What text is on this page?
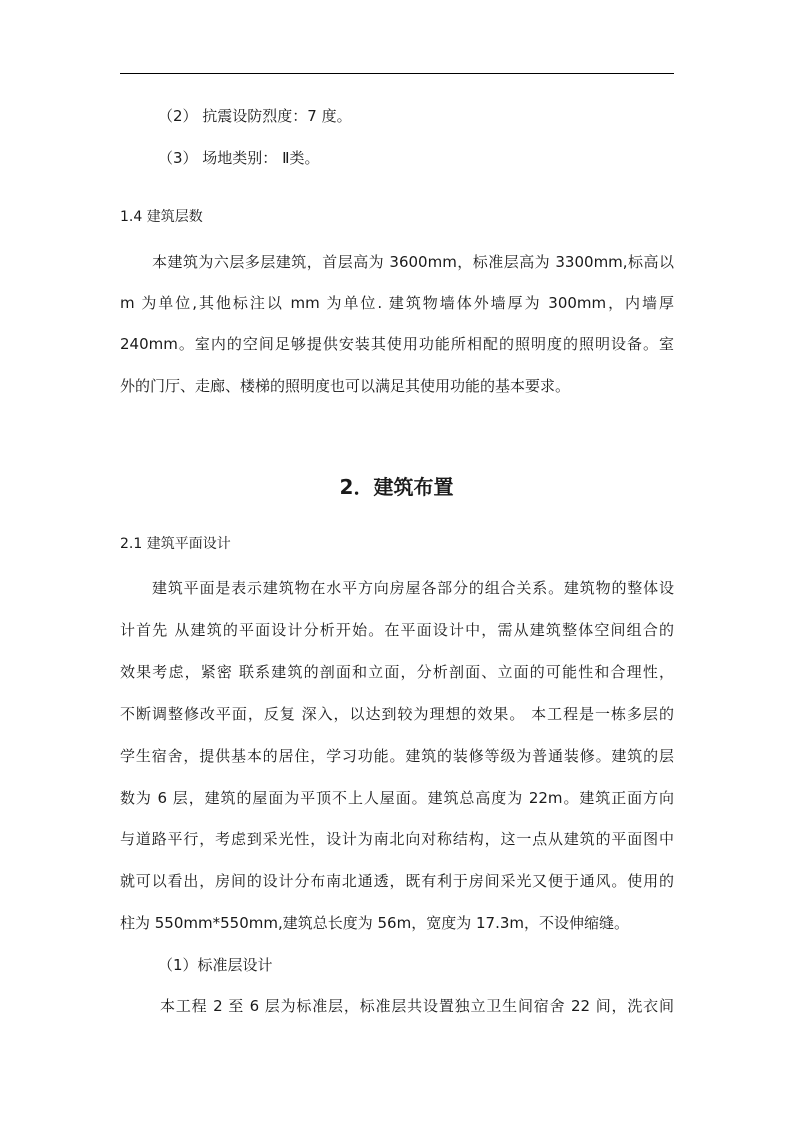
（2） 抗震设防烈度：7 度。
（3） 场地类别： Ⅱ类。
1.4 建筑层数
本建筑为六层多层建筑，首层高为 3600mm，标准层高为 3300mm,标高以
m 为单位,其他标注以 mm 为单位. 建筑物墙体外墙厚为 300mm，内墙厚
240mm。室内的空间足够提供安装其使用功能所相配的照明度的照明设备。室
外的门厅、走廊、楼梯的照明度也可以满足其使用功能的基本要求。
2．建筑布置
2.1 建筑平面设计
建筑平面是表示建筑物在水平方向房屋各部分的组合关系。建筑物的整体设
计首先 从建筑的平面设计分析开始。在平面设计中，需从建筑整体空间组合的
效果考虑，紧密 联系建筑的剖面和立面，分析剖面、立面的可能性和合理性，
不断调整修改平面，反复 深入，以达到较为理想的效果。 本工程是一栋多层的
学生宿舍，提供基本的居住，学习功能。建筑的装修等级为普通装修。建筑的层
数为 6 层，建筑的屋面为平顶不上人屋面。建筑总高度为 22m。建筑正面方向
与道路平行，考虑到采光性，设计为南北向对称结构，这一点从建筑的平面图中
就可以看出，房间的设计分布南北通透，既有利于房间采光又便于通风。使用的
柱为 550mm*550mm,建筑总长度为 56m，宽度为 17.3m，不设伸缩缝。
（1）标准层设计
本工程 2 至 6 层为标准层，标准层共设置独立卫生间宿舍 22 间，洗衣间
